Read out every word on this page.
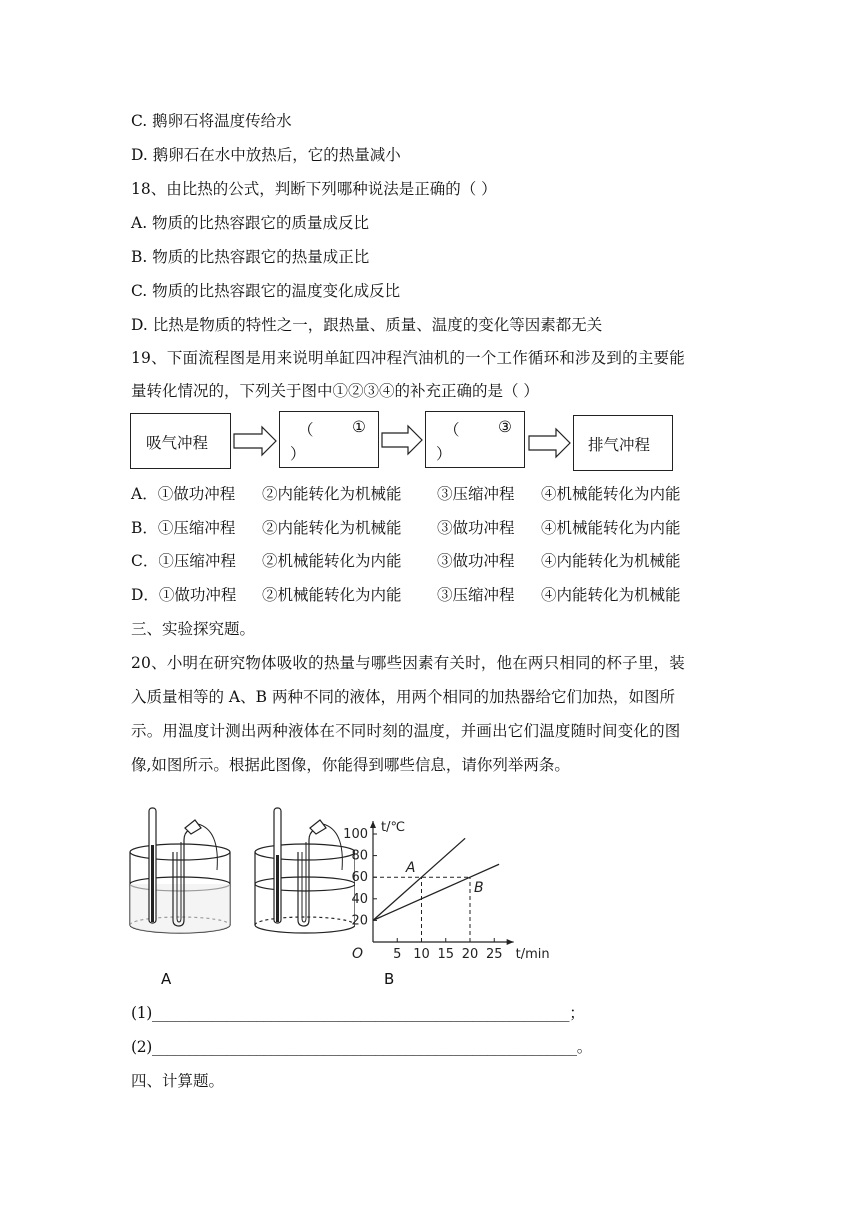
C. 鹅卵石将温度传给水
D. 鹅卵石在水中放热后，它的热量减小
18、由比热的公式，判断下列哪种说法是正确的（ ）
A. 物质的比热容跟它的质量成反比
B. 物质的比热容跟它的热量成正比
C. 物质的比热容跟它的温度变化成反比
D. 比热是物质的特性之一，跟热量、质量、温度的变化等因素都无关
19、下面流程图是用来说明单缸四冲程汽油机的一个工作循环和涉及到的主要能
量转化情况的，下列关于图中①②③④的补充正确的是（ ）
吸气冲程
（ ①
）
（ ③
）	排气冲程
A．①做功冲程 ②内能转化为机械能 ③压缩冲程 ④机械能转化为内能
B．①压缩冲程 ②内能转化为机械能 ③做功冲程 ④机械能转化为内能
C．①压缩冲程 ②机械能转化为内能 ③做功冲程 ④内能转化为机械能
D．①做功冲程 ②机械能转化为内能 ③压缩冲程 ④内能转化为机械能
三、实验探究题。
20、小明在研究物体吸收的热量与哪些因素有关时，他在两只相同的杯子里，装
入质量相等的 A、B 两种不同的液体，用两个相同的加热器给它们加热，如图所
示。用温度计测出两种液体在不同时刻的温度，并画出它们温度随时间变化的图
像,如图所示。根据此图像，你能得到哪些信息，请你列举两条。
5 10 15 20 25
20
40
60
80
100
O	t/min
t/℃
A
B
A	B
(1)________________________________________________________；
(2)_________________________________________________________。
四、计算题。
